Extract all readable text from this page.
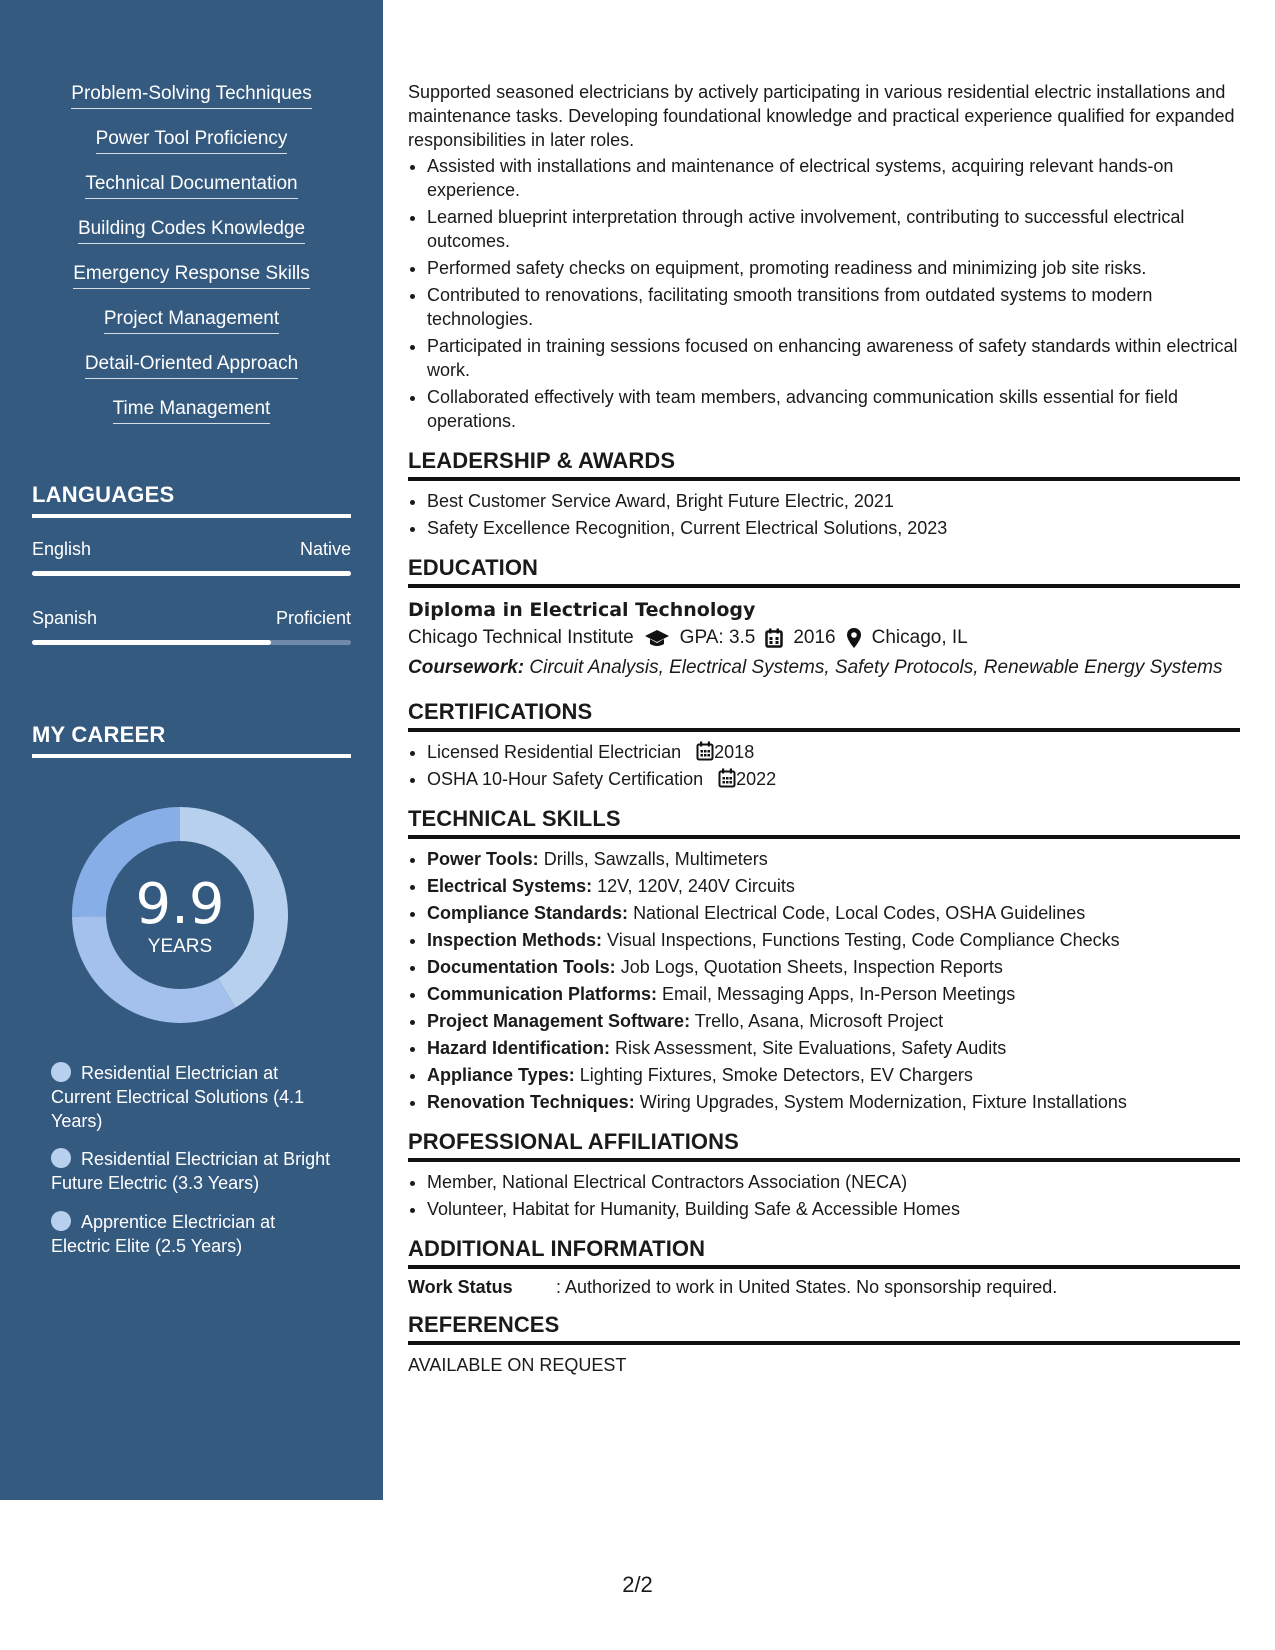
Problem-Solving Techniques
Power Tool Proficiency
Technical Documentation
Building Codes Knowledge
Emergency Response Skills
Project Management
Detail-Oriented Approach
Time Management
LANGUAGES
English	Native
Spanish	Proficient
MY CAREER
9.9
YEARS
Residential Electrician at Current Electrical Solutions (4.1 Years)
Residential Electrician at Bright Future Electric (3.3 Years)
Apprentice Electrician at Electric Elite (2.5 Years)

Supported seasoned electricians by actively participating in various residential electric installations and maintenance tasks. Developing foundational knowledge and practical experience qualified for expanded responsibilities in later roles.

• Assisted with installations and maintenance of electrical systems, acquiring relevant hands-on experience.
• Learned blueprint interpretation through active involvement, contributing to successful electrical outcomes.
• Performed safety checks on equipment, promoting readiness and minimizing job site risks.
• Contributed to renovations, facilitating smooth transitions from outdated systems to modern technologies.
• Participated in training sessions focused on enhancing awareness of safety standards within electrical work.
• Collaborated effectively with team members, advancing communication skills essential for field operations.
LEADERSHIP & AWARDS
• Best Customer Service Award, Bright Future Electric, 2021
• Safety Excellence Recognition, Current Electrical Solutions, 2023
EDUCATION
Diploma in Electrical Technology
Chicago Technical Institute GPA: 3.5 2016 Chicago, IL
Coursework: Circuit Analysis, Electrical Systems, Safety Protocols, Renewable Energy Systems
CERTIFICATIONS
• Licensed Residential Electrician 2018
• OSHA 10-Hour Safety Certification 2022
TECHNICAL SKILLS
• Power Tools: Drills, Sawzalls, Multimeters
• Electrical Systems: 12V, 120V, 240V Circuits
• Compliance Standards: National Electrical Code, Local Codes, OSHA Guidelines
• Inspection Methods: Visual Inspections, Functions Testing, Code Compliance Checks
• Documentation Tools: Job Logs, Quotation Sheets, Inspection Reports
• Communication Platforms: Email, Messaging Apps, In-Person Meetings
• Project Management Software: Trello, Asana, Microsoft Project
• Hazard Identification: Risk Assessment, Site Evaluations, Safety Audits
• Appliance Types: Lighting Fixtures, Smoke Detectors, EV Chargers
• Renovation Techniques: Wiring Upgrades, System Modernization, Fixture Installations
PROFESSIONAL AFFILIATIONS
• Member, National Electrical Contractors Association (NECA)
• Volunteer, Habitat for Humanity, Building Safe & Accessible Homes
ADDITIONAL INFORMATION
Work Status : Authorized to work in United States. No sponsorship required.
REFERENCES
AVAILABLE ON REQUEST
2/2
